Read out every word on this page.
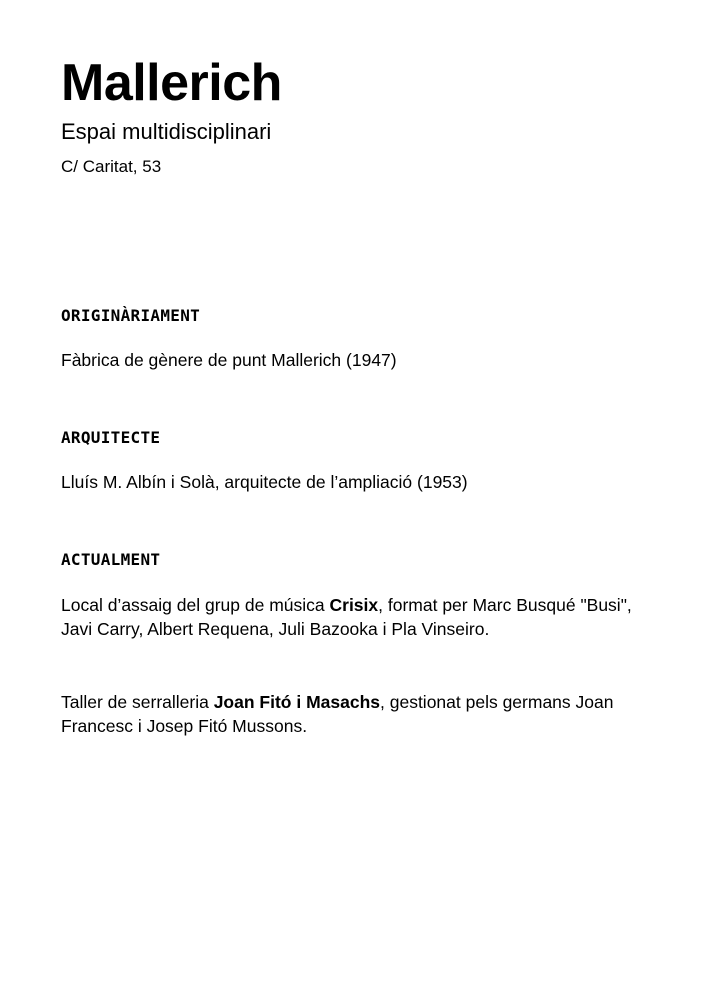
Mallerich
Espai multidisciplinari
C/ Caritat, 53
ORIGINÀRIAMENT

Fàbrica de gènere de punt Mallerich (1947)

ARQUITECTE

Lluís M. Albín i Solà, arquitecte de l’ampliació (1953)

ACTUALMENT

Local d’assaig del grup de música Crisix, format per Marc Busqué "Busi", Javi Carry, Albert Requena, Juli Bazooka i Pla Vinseiro.

Taller de serralleria Joan Fitó i Masachs, gestionat pels germans Joan Francesc i Josep Fitó Mussons.
